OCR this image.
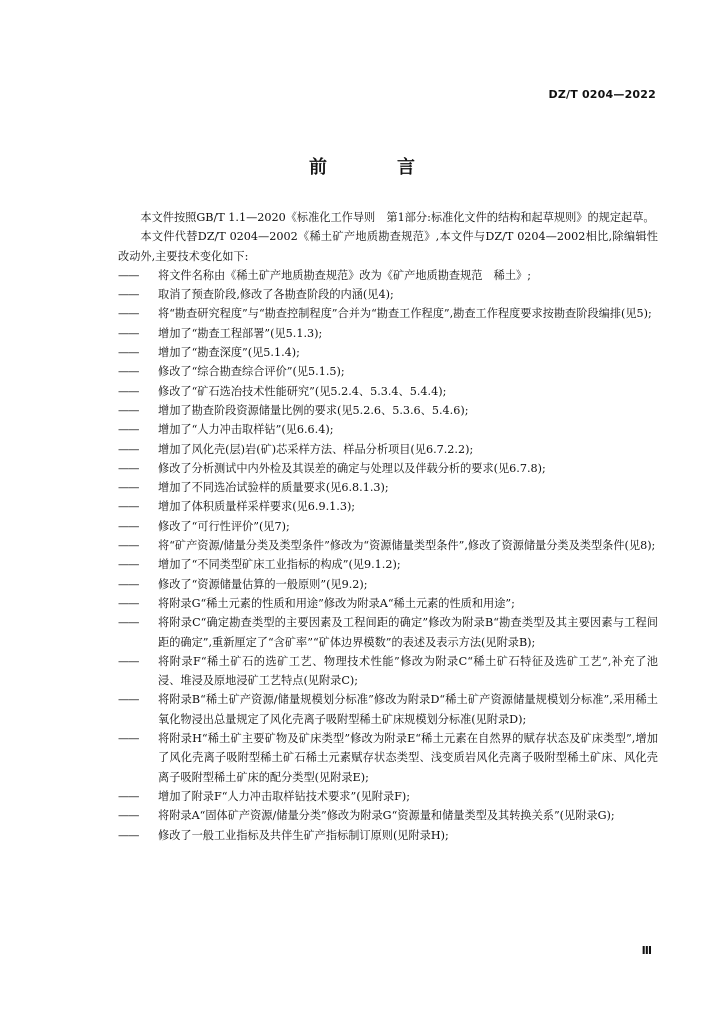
DZ/T 0204—2022
前　言

本文件按照GB/T 1.1—2020《标准化工作导则　第1部分:标准化文件的结构和起草规则》的规定起草。

本文件代替DZ/T 0204—2002《稀土矿产地质勘查规范》,本文件与DZ/T 0204—2002相比,除编辑性改动外,主要技术变化如下:

——	将文件名称由《稀土矿产地质勘查规范》改为《矿产地质勘查规范　稀土》;

——	取消了预查阶段,修改了各勘查阶段的内涵(见4);

——	将“勘查研究程度”与“勘查控制程度”合并为“勘查工作程度”,勘查工作程度要求按勘查阶段编排(见5);

——	增加了“勘查工程部署”(见5.1.3);

——	增加了“勘查深度”(见5.1.4);

——	修改了“综合勘查综合评价”(见5.1.5);

——	修改了“矿石选冶技术性能研究”(见5.2.4、5.3.4、5.4.4);

——	增加了勘查阶段资源储量比例的要求(见5.2.6、5.3.6、5.4.6);

——	增加了“人力冲击取样钻”(见6.6.4);

——	增加了风化壳(层)岩(矿)芯采样方法、样品分析项目(见6.7.2.2);

——	修改了分析测试中内外检及其误差的确定与处理以及伴载分析的要求(见6.7.8);

——	增加了不同选冶试验样的质量要求(见6.8.1.3);

——	增加了体积质量样采样要求(见6.9.1.3);

——	修改了“可行性评价”(见7);

——	将“矿产资源/储量分类及类型条件”修改为“资源储量类型条件”,修改了资源储量分类及类型条件(见8);

——	增加了“不同类型矿床工业指标的构成”(见9.1.2);

——	修改了“资源储量估算的一般原则”(见9.2);

——	将附录G“稀土元素的性质和用途”修改为附录A“稀土元素的性质和用途”;

——	将附录C“确定勘查类型的主要因素及工程间距的确定”修改为附录B“勘查类型及其主要因素与工程间距的确定”,重新厘定了“含矿率”“矿体边界模数”的表述及表示方法(见附录B);

——	将附录F“稀土矿石的选矿工艺、物理技术性能”修改为附录C“稀土矿石特征及选矿工艺”,补充了池浸、堆浸及原地浸矿工艺特点(见附录C);

——	将附录B“稀土矿产资源/储量规模划分标准”修改为附录D“稀土矿产资源储量规模划分标准”,采用稀土氧化物浸出总量规定了风化壳离子吸附型稀土矿床规模划分标准(见附录D);

——	将附录H“稀土矿主要矿物及矿床类型”修改为附录E“稀土元素在自然界的赋存状态及矿床类型”,增加了风化壳离子吸附型稀土矿石稀土元素赋存状态类型、浅变质岩风化壳离子吸附型稀土矿床、风化壳离子吸附型稀土矿床的配分类型(见附录E);

——	增加了附录F“人力冲击取样钻技术要求”(见附录F);

——	将附录A“固体矿产资源/储量分类”修改为附录G“资源量和储量类型及其转换关系”(见附录G);

——	修改了一般工业指标及共伴生矿产指标制订原则(见附录H);

Ⅲ
